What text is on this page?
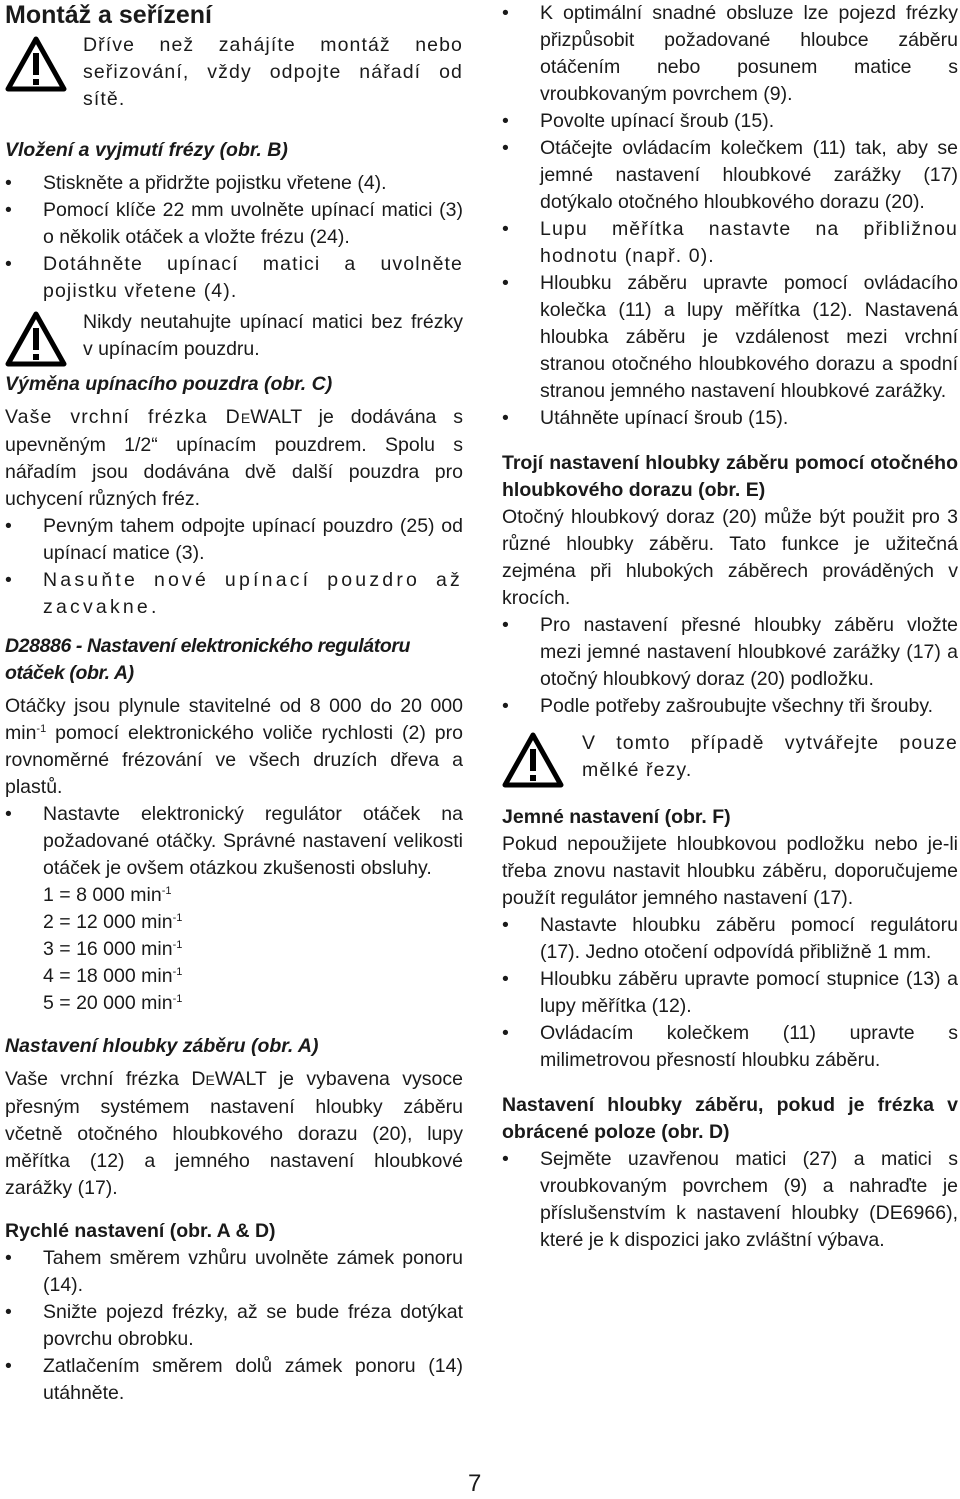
Montáž a seřízení
Dříve než zahájíte montáž nebo seřizování, vždy odpojte nářadí od sítě.
Vložení a vyjmutí frézy (obr. B)
• Stiskněte a přidržte pojistku vřetene (4).
• Pomocí klíče 22 mm uvolněte upínací matici (3) o několik otáček a vložte frézu (24).
• Dotáhněte upínací matici a uvolněte pojistku vřetene (4).
Nikdy neutahujte upínací matici bez frézky v upínacím pouzdru.
Výměna upínacího pouzdra (obr. C)

Vaše vrchní frézka DEWALT je dodávána s upevněným 1/2“ upínacím pouzdrem. Spolu s nářadím jsou dodávána dvě další pouzdra pro uchycení různých fréz.

• Pevným tahem odpojte upínací pouzdro (25) od upínací matice (3).
• Nasuňte nové upínací pouzdro až zacvakne.
D28886 - Nastavení elektronického regulátoru otáček (obr. A)

Otáčky jsou plynule stavitelné od 8 000 do 20 000 $\min^{-1}$ pomocí elektronického voliče rychlosti (2) pro rovnoměrné frézování ve všech druzích dřeva a plastů.

• Nastavte elektronický regulátor otáček na požadované otáčky. Správné nastavení velikosti otáček je ovšem otázkou zkušenosti obsluhy.
1 = 8 000 $\min^{-1}$
2 = 12 000 $\min^{-1}$
3 = 16 000 $\min^{-1}$
4 = 18 000 $\min^{-1}$
5 = 20 000 $\min^{-1}$
Nastavení hloubky záběru (obr. A)

Vaše vrchní frézka DEWALT je vybavena vysoce přesným systémem nastavení hloubky záběru včetně otočného hloubkového dorazu (20), lupy měřítka (12) a jemného nastavení hloubkové zarážky (17).

Rychlé nastavení (obr. A & D)
• Tahem směrem vzhůru uvolněte zámek ponoru (14).
• Snižte pojezd frézky, až se bude fréza dotýkat povrchu obrobku.
• Zatlačením směrem dolů zámek ponoru (14) utáhněte.
• K optimální snadné obsluze lze pojezd frézky přizpůsobit požadované hloubce záběru otáčením nebo posunem matice s vroubkovaným povrchem (9).
• Povolte upínací šroub (15).
• Otáčejte ovládacím kolečkem (11) tak, aby se jemné nastavení hloubkové zarážky (17) dotýkalo otočného hloubkového dorazu (20).
• Lupu měřítka nastavte na přibližnou hodnotu (např. 0).
• Hloubku záběru upravte pomocí ovládacího kolečka (11) a lupy měřítka (12). Nastavená hloubka záběru je vzdálenost mezi vrchní stranou otočného hloubkového dorazu a spodní stranou jemného nastavení hloubkové zarážky.
• Utáhněte upínací šroub (15).
Trojí nastavení hloubky záběru pomocí otočného hloubkového dorazu (obr. E)

Otočný hloubkový doraz (20) může být použit pro 3 různé hloubky záběru. Tato funkce je užitečná zejména při hlubokých záběrech prováděných v krocích.

• Pro nastavení přesné hloubky záběru vložte mezi jemné nastavení hloubkové zarážky (17) a otočný hloubkový doraz (20) podložku.
• Podle potřeby zašroubujte všechny tři šrouby.
V tomto případě vytvářejte pouze mělké řezy.
Jemné nastavení (obr. F)

Pokud nepoužijete hloubkovou podložku nebo je-li třeba znovu nastavit hloubku záběru, doporučujeme použít regulátor jemného nastavení (17).

• Nastavte hloubku záběru pomocí regulátoru (17). Jedno otočení odpovídá přibližně 1 mm.
• Hloubku záběru upravte pomocí stupnice (13) a lupy měřítka (12).
• Ovládacím kolečkem (11) upravte s milimetrovou přesností hloubku záběru.
Nastavení hloubky záběru, pokud je frézka v obrácené poloze (obr. D)
• Sejměte uzavřenou matici (27) a matici s vroubkovaným povrchem (9) a nahraďte je příslušenstvím k nastavení hloubky (DE6966), které je k dispozici jako zvláštní výbava.
7
